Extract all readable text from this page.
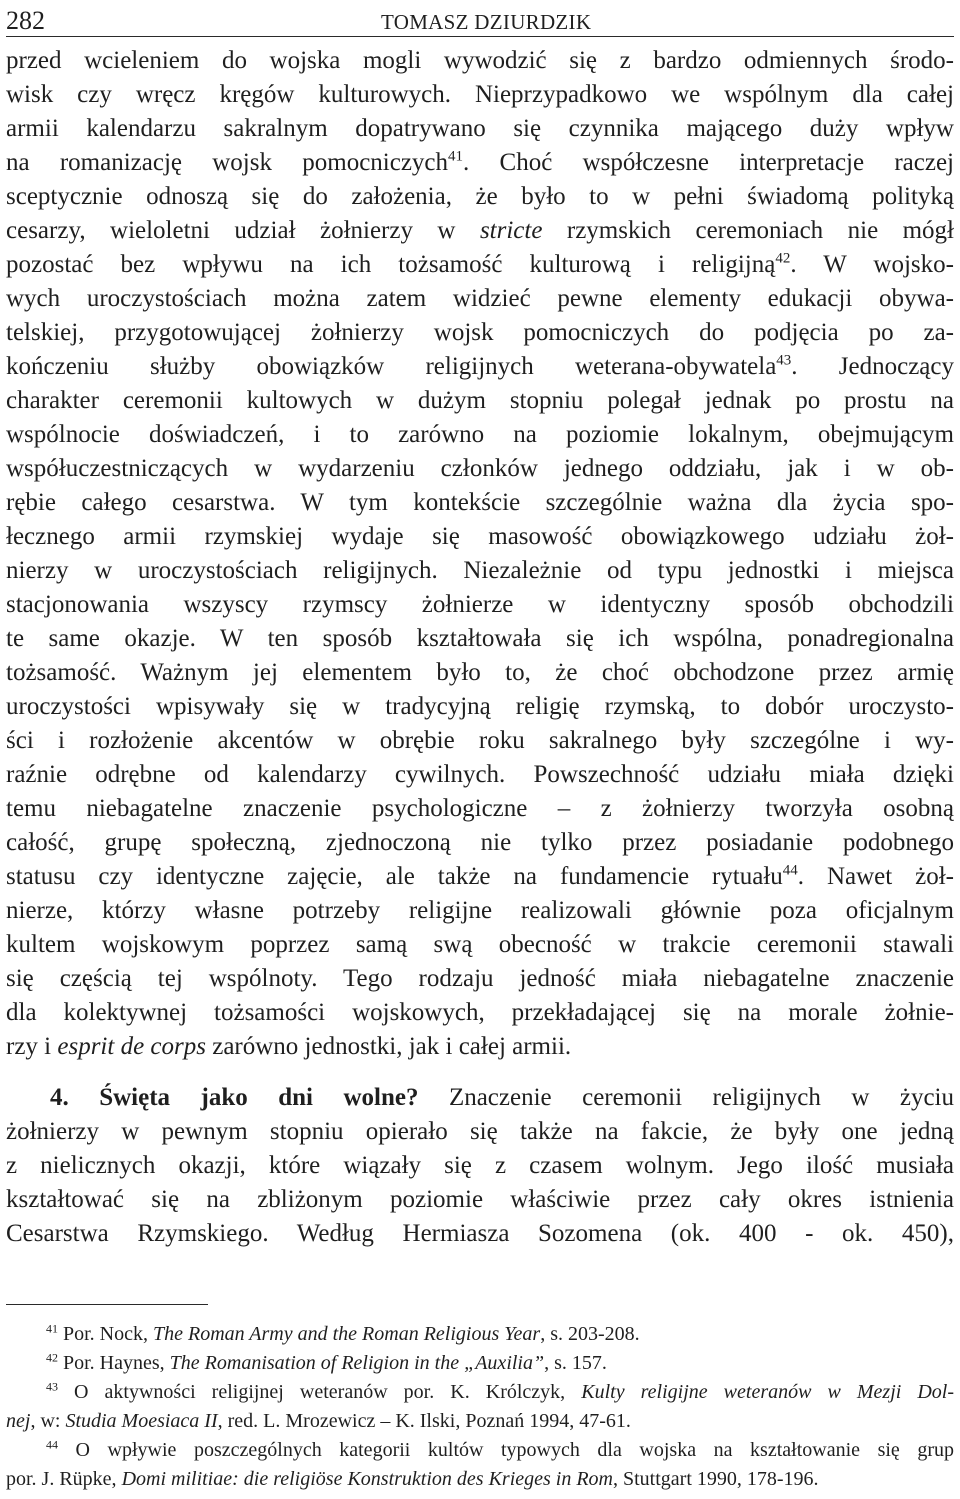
282	TOMASZ DZIURDZIK
przed wcieleniem do wojska mogli wywodzić się z bardzo odmiennych środo-
wisk czy wręcz kręgów kulturowych. Nieprzypadkowo we wspólnym dla całej
armii kalendarzu sakralnym dopatrywano się czynnika mającego duży wpływ
na romanizację wojsk pomocniczych$^{41}$. Choć współczesne interpretacje raczej
sceptycznie odnoszą się do założenia, że było to w pełni świadomą polityką
cesarzy, wieloletni udział żołnierzy w stricte rzymskich ceremoniach nie mógł
pozostać bez wpływu na ich tożsamość kulturową i religijną$^{42}$. W wojsko-
wych uroczystościach można zatem widzieć pewne elementy edukacji obywa-
telskiej, przygotowującej żołnierzy wojsk pomocniczych do podjęcia po za-
kończeniu służby obowiązków religijnych weterana-obywatela$^{43}$. Jednoczący
charakter ceremonii kultowych w dużym stopniu polegał jednak po prostu na
wspólnocie doświadczeń, i to zarówno na poziomie lokalnym, obejmującym
współuczestniczących w wydarzeniu członków jednego oddziału, jak i w ob-
rębie całego cesarstwa. W tym kontekście szczególnie ważna dla życia spo-
łecznego armii rzymskiej wydaje się masowość obowiązkowego udziału żoł-
nierzy w uroczystościach religijnych. Niezależnie od typu jednostki i miejsca
stacjonowania wszyscy rzymscy żołnierze w identyczny sposób obchodzili
te same okazje. W ten sposób kształtowała się ich wspólna, ponadregionalna
tożsamość. Ważnym jej elementem było to, że choć obchodzone przez armię
uroczystości wpisywały się w tradycyjną religię rzymską, to dobór uroczysto-
ści i rozłożenie akcentów w obrębie roku sakralnego były szczególne i wy-
raźnie odrębne od kalendarzy cywilnych. Powszechność udziału miała dzięki
temu niebagatelne znaczenie psychologiczne – z żołnierzy tworzyła osobną
całość, grupę społeczną, zjednoczoną nie tylko przez posiadanie podobnego
statusu czy identyczne zajęcie, ale także na fundamencie rytuału$^{44}$. Nawet żoł-
nierze, którzy własne potrzeby religijne realizowali głównie poza oficjalnym
kultem wojskowym poprzez samą swą obecność w trakcie ceremonii stawali
się częścią tej wspólnoty. Tego rodzaju jedność miała niebagatelne znaczenie
dla kolektywnej tożsamości wojskowych, przekładającej się na morale żołnie-
rzy i esprit de corps zarówno jednostki, jak i całej armii.
4. Święta jako dni wolne? Znaczenie ceremonii religijnych w życiu
żołnierzy w pewnym stopniu opierało się także na fakcie, że były one jedną
z nielicznych okazji, które wiązały się z czasem wolnym. Jego ilość musiała
kształtować się na zbliżonym poziomie właściwie przez cały okres istnienia
Cesarstwa Rzymskiego. Według Hermiasza Sozomena (ok. 400 - ok. 450),
$^{41}$ Por. Nock, The Roman Army and the Roman Religious Year, s. 203-208.
$^{42}$ Por. Haynes, The Romanisation of Religion in the „Auxilia”, s. 157.
$^{43}$ O aktywności religijnej weteranów por. K. Królczyk, Kulty religijne weteranów w Mezji Dol-
nej, w: Studia Moesiaca II, red. L. Mrozewicz – K. Ilski, Poznań 1994, 47-61.
$^{44}$ O wpływie poszczególnych kategorii kultów typowych dla wojska na kształtowanie się grup
por. J. Rüpke, Domi militiae: die religiöse Konstruktion des Krieges in Rom, Stuttgart 1990, 178-196.
